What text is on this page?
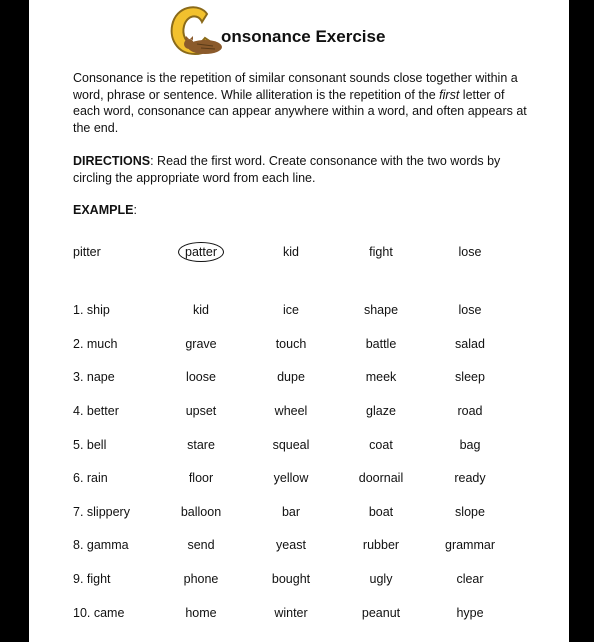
onsonance Exercise
Consonance is the repetition of similar consonant sounds close together within a word, phrase or sentence. While alliteration is the repetition of the first letter of each word, consonance can appear anywhere within a word, and often appears at the end.
DIRECTIONS: Read the first word. Create consonance with the two words by circling the appropriate word from each line.
EXAMPLE:
pitter	patter	kid	fight	lose
1. ship	kid	ice	shape	lose
2. much	grave	touch	battle	salad
3. nape	loose	dupe	meek	sleep
4. better	upset	wheel	glaze	road
5. bell	stare	squeal	coat	bag
6. rain	floor	yellow	doornail	ready
7. slippery	balloon	bar	boat	slope
8. gamma	send	yeast	rubber	grammar
9. fight	phone	bought	ugly	clear
10. came	home	winter	peanut	hype
